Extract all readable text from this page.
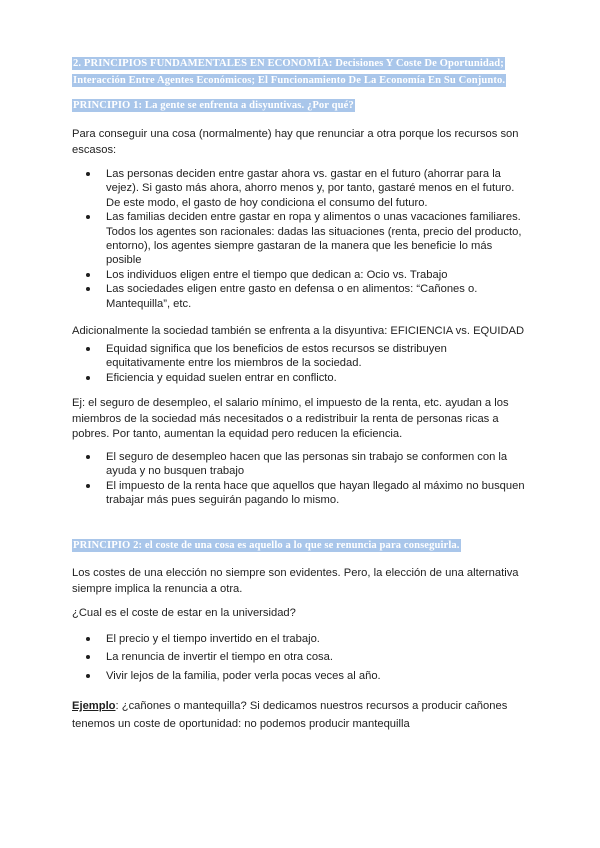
2. PRINCIPIOS FUNDAMENTALES EN ECONOMÍA: Decisiones Y Coste De Oportunidad;
Interacción Entre Agentes Económicos; El Funcionamiento De La Economía En Su Conjunto.
PRINCIPIO 1: La gente se enfrenta a disyuntivas. ¿Por qué?
Para conseguir una cosa (normalmente) hay que renunciar a otra porque los recursos son escasos:
Las personas deciden entre gastar ahora vs. gastar en el futuro (ahorrar para la vejez). Si gasto más ahora, ahorro menos y, por tanto, gastaré menos en el futuro. De este modo, el gasto de hoy condiciona el consumo del futuro.
Las familias deciden entre gastar en ropa y alimentos o unas vacaciones familiares. Todos los agentes son racionales: dadas las situaciones (renta, precio del producto, entorno), los agentes siempre gastaran de la manera que les beneficie lo más posible
Los individuos eligen entre el tiempo que dedican a: Ocio vs. Trabajo
Las sociedades eligen entre gasto en defensa o en alimentos: “Cañones o. Mantequilla”, etc.
Adicionalmente la sociedad también se enfrenta a la disyuntiva: EFICIENCIA vs. EQUIDAD
Equidad significa que los beneficios de estos recursos se distribuyen equitativamente entre los miembros de la sociedad.
Eficiencia y equidad suelen entrar en conflicto.
Ej: el seguro de desempleo, el salario mínimo, el impuesto de la renta, etc. ayudan a los miembros de la sociedad más necesitados o a redistribuir la renta de personas ricas a pobres. Por tanto, aumentan la equidad pero reducen la eficiencia.
El seguro de desempleo hacen que las personas sin trabajo se conformen con la ayuda y no busquen trabajo
El impuesto de la renta hace que aquellos que hayan llegado al máximo no busquen trabajar más pues seguirán pagando lo mismo.
PRINCIPIO 2: el coste de una cosa es aquello a lo que se renuncia para conseguirla.
Los costes de una elección no siempre son evidentes. Pero, la elección de una alternativa siempre implica la renuncia a otra.
¿Cual es el coste de estar en la universidad?
El precio y el tiempo invertido en el trabajo.
La renuncia de invertir el tiempo en otra cosa.
Vivir lejos de la familia, poder verla pocas veces al año.
Ejemplo: ¿cañones o mantequilla? Si dedicamos nuestros recursos a producir cañones tenemos un coste de oportunidad: no podemos producir mantequilla
